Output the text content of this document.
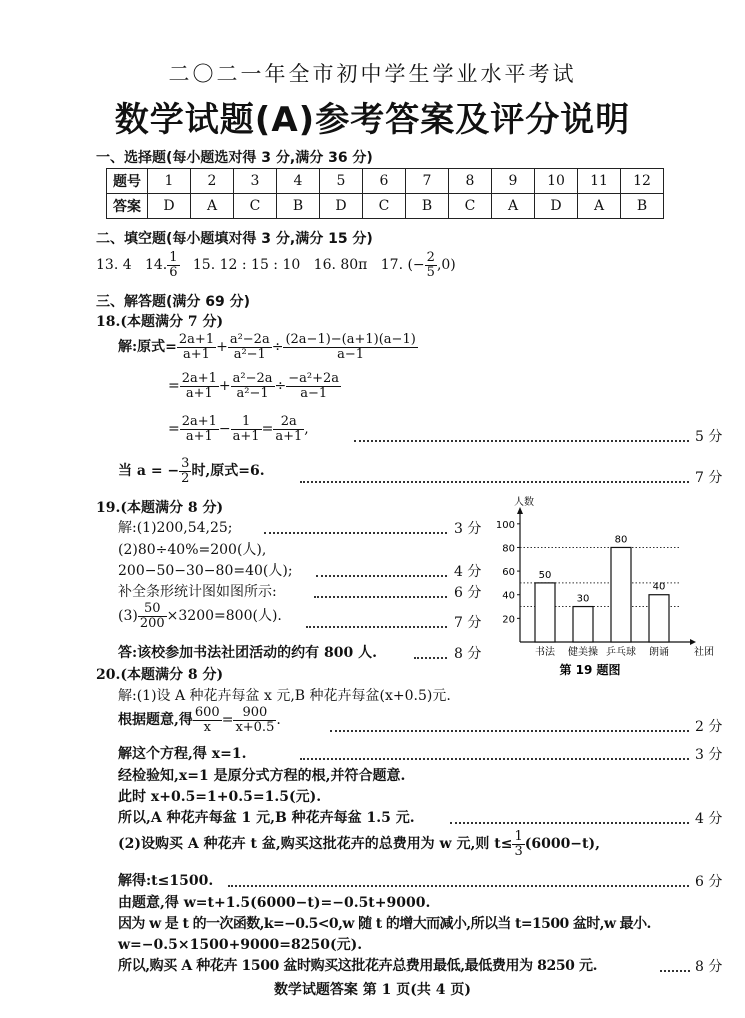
二〇二一年全市初中学生学业水平考试
数学试题(A)参考答案及评分说明
一、选择题(每小题选对得 3 分,满分 36 分)
题号	1	2	3	4	5	6	7	8	9	10	11	12
答案	D	A	C	B	D	C	B	C	A	D	A	B
二、填空题(每小题填对得 3 分,满分 15 分)
13. 4 14. $\frac{1}{6} 15$. 12 : 15 : 10 16. 80π 17. (− $\frac{2}{5} ,0$)
三、解答题(满分 69 分)
18.(本题满分 7 分)
解:原式= $\frac{2a+1}{a+1} + \frac{\text{a²−2a}}{\text{a²−1}} \div \frac{(2a-1)-(a+1)(a-1)}{a-1}$
= $\frac{2a+1}{a+1} + \frac{\text{a²−2a}}{\text{a²−1}} \div \frac{\text{−a²+2a}}{a-1}$
= $\frac{2a+1}{a+1} - \frac{1}{a+1} = \frac{2a}{a+1}$ ,	5 分
当 a = − $\frac{3}{2}$ 时,原式=6.	7 分
19.(本题满分 8 分)
解:(1)200,54,25;	3 分
(2)80÷40%=200(人),
200−50−30−80=40(人);	4 分
补全条形统计图如图所示:	6 分
$(3) \frac{50}{200} \times 3200=800$(人).	7 分
答:该校参加书法社团活动的约有 800 人.	8 分
人数
社团
20
40
60
80
100
50
书法
30
健美操
80
乒乓球
40
朗诵
第 19 题图
20.(本题满分 8 分)
解:(1)设 A 种花卉每盆 x 元,B 种花卉每盆(x+0.5)元.
根据题意,得 $\frac{600}{x} = \frac{900}{x+0.5}$ .	2 分
解这个方程,得 x=1.	3 分
经检验知,x=1 是原分式方程的根,并符合题意.
此时 x+0.5=1+0.5=1.5(元).
所以,A 种花卉每盆 1 元,B 种花卉每盆 1.5 元.	4 分
(2)设购买 A 种花卉 t 盆,购买这批花卉的总费用为 w 元,则 $t\le \frac{1}{3} (6000-t)$,
解得:t≤1500.	6 分
由题意,得 w=t+1.5(6000−t)=−0.5t+9000.
因为 w 是 t 的一次函数,k=−0.5<0,w 随 t 的增大而减小,所以当 t=1500 盆时,w 最小.
w=−0.5×1500+9000=8250(元).
所以,购买 A 种花卉 1500 盆时购买这批花卉总费用最低,最低费用为 8250 元.	8 分
数学试题答案 第 1 页(共 4 页)
